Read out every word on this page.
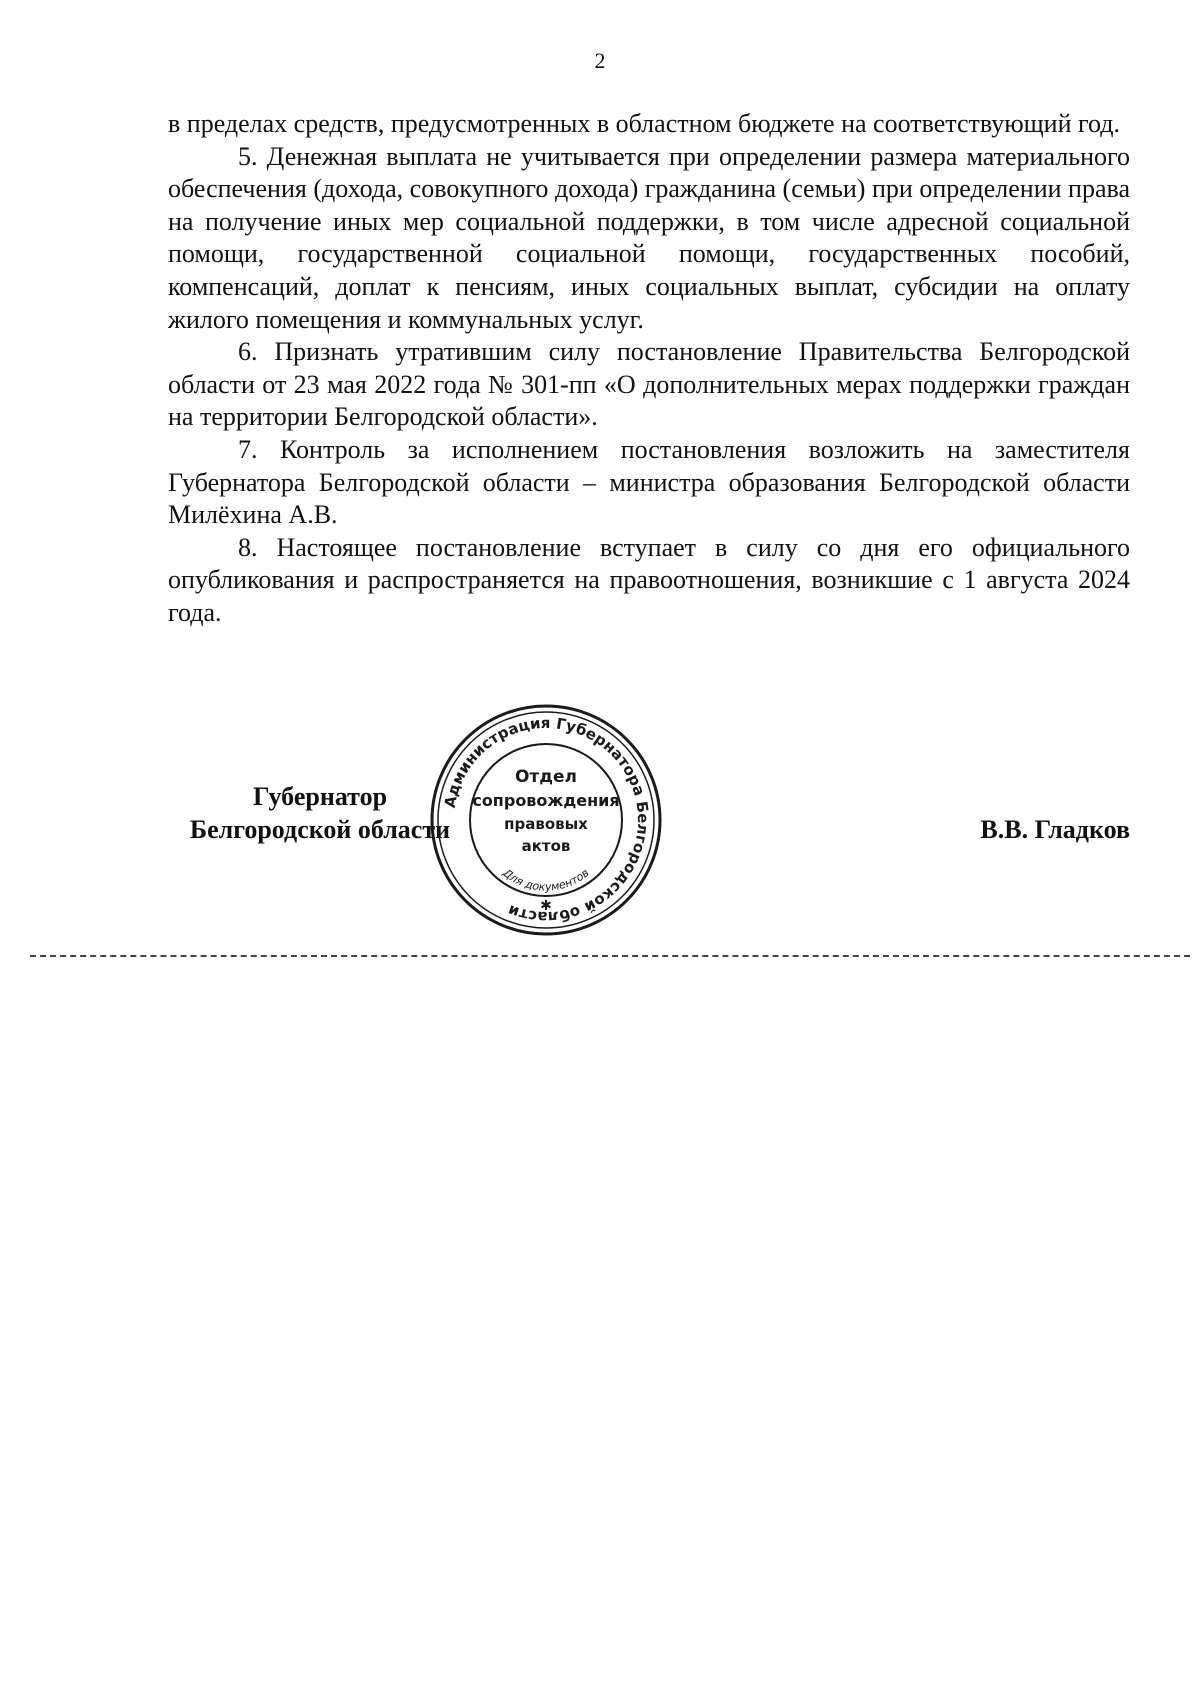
2

в пределах средств, предусмотренных в областном бюджете на соответствующий год.

5. Денежная выплата не учитывается при определении размера материального обеспечения (дохода, совокупного дохода) гражданина (семьи) при определении права на получение иных мер социальной поддержки, в том числе адресной социальной помощи, государственной социальной помощи, государственных пособий, компенсаций, доплат к пенсиям, иных социальных выплат, субсидии на оплату жилого помещения и коммунальных услуг.

6. Признать утратившим силу постановление Правительства Белгородской области от 23 мая 2022 года № 301-пп «О дополнительных мерах поддержки граждан на территории Белгородской области».

7. Контроль за исполнением постановления возложить на заместителя Губернатора Белгородской области – министра образования Белгородской области Милёхина А.В.

8. Настоящее постановление вступает в силу со дня его официального опубликования и распространяется на правоотношения, возникшие с 1 августа 2024 года.

Губернатор
Белгородской области	В.В. Гладков
Администрация Губернатора Белгородской области
Отдел
сопровождения
правовых
актов
Для документов
✱
